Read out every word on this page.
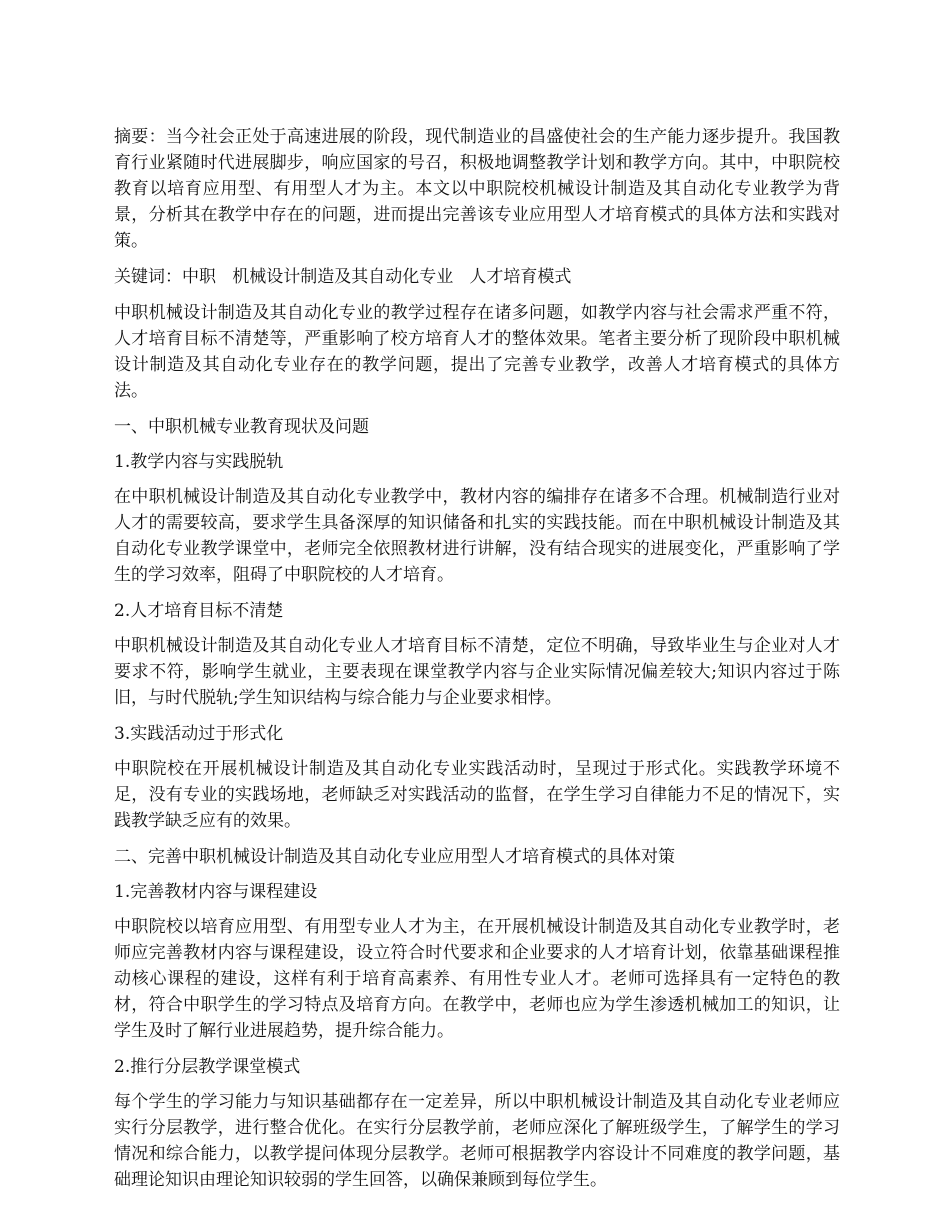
摘要：当今社会正处于高速进展的阶段，现代制造业的昌盛使社会的生产能力逐步提升。我国教育行业紧随时代进展脚步，响应国家的号召，积极地调整教学计划和教学方向。其中，中职院校教育以培育应用型、有用型人才为主。本文以中职院校机械设计制造及其自动化专业教学为背景，分析其在教学中存在的问题，进而提出完善该专业应用型人才培育模式的具体方法和实践对策。

关键词：中职   机械设计制造及其自动化专业   人才培育模式

中职机械设计制造及其自动化专业的教学过程存在诸多问题，如教学内容与社会需求严重不符，人才培育目标不清楚等，严重影响了校方培育人才的整体效果。笔者主要分析了现阶段中职机械设计制造及其自动化专业存在的教学问题，提出了完善专业教学，改善人才培育模式的具体方法。

一、中职机械专业教育现状及问题

1.教学内容与实践脱轨

在中职机械设计制造及其自动化专业教学中，教材内容的编排存在诸多不合理。机械制造行业对人才的需要较高，要求学生具备深厚的知识储备和扎实的实践技能。而在中职机械设计制造及其自动化专业教学课堂中，老师完全依照教材进行讲解，没有结合现实的进展变化，严重影响了学生的学习效率，阻碍了中职院校的人才培育。

2.人才培育目标不清楚

中职机械设计制造及其自动化专业人才培育目标不清楚，定位不明确，导致毕业生与企业对人才要求不符，影响学生就业，主要表现在课堂教学内容与企业实际情况偏差较大;知识内容过于陈旧，与时代脱轨;学生知识结构与综合能力与企业要求相悖。

3.实践活动过于形式化

中职院校在开展机械设计制造及其自动化专业实践活动时，呈现过于形式化。实践教学环境不足，没有专业的实践场地，老师缺乏对实践活动的监督，在学生学习自律能力不足的情况下，实践教学缺乏应有的效果。

二、完善中职机械设计制造及其自动化专业应用型人才培育模式的具体对策

1.完善教材内容与课程建设

中职院校以培育应用型、有用型专业人才为主，在开展机械设计制造及其自动化专业教学时，老师应完善教材内容与课程建设，设立符合时代要求和企业要求的人才培育计划，依靠基础课程推动核心课程的建设，这样有利于培育高素养、有用性专业人才。老师可选择具有一定特色的教材，符合中职学生的学习特点及培育方向。在教学中，老师也应为学生渗透机械加工的知识，让学生及时了解行业进展趋势，提升综合能力。

2.推行分层教学课堂模式

每个学生的学习能力与知识基础都存在一定差异，所以中职机械设计制造及其自动化专业老师应实行分层教学，进行整合优化。在实行分层教学前，老师应深化了解班级学生，了解学生的学习情况和综合能力，以教学提问体现分层教学。老师可根据教学内容设计不同难度的教学问题，基础理论知识由理论知识较弱的学生回答，以确保兼顾到每位学生。
